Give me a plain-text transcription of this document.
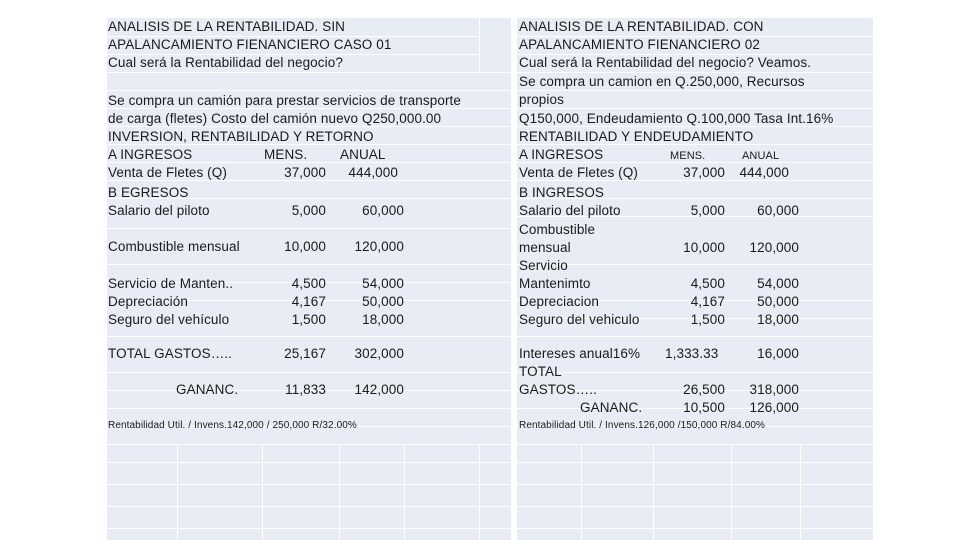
ANALISIS DE LA RENTABILIDAD. SIN
APALANCAMIENTO FIENANCIERO CASO 01
Cual será la Rentabilidad del negocio?
Se compra un camión para prestar servicios de transporte
de carga (fletes) Costo del camión nuevo Q250,000.00
INVERSION, RENTABILIDAD Y RETORNO
A INGRESOS	MENS. ANUAL
Venta de Fletes (Q)	37,000	444,000
B EGRESOS
Salario del piloto	5,000	60,000
Combustible mensual	10,000	120,000
Servicio de Manten..	4,500	54,000
Depreciación	4,167	50,000
Seguro del vehículo	1,500	18,000
TOTAL GASTOS…..	25,167	302,000
GANANC.	11,833	142,000
Rentabilidad Util. / Invens.142,000 / 250,000 R/32.00%
ANALISIS DE LA RENTABILIDAD. CON
APALANCAMIENTO FIENANCIERO 02
Cual será la Rentabilidad del negocio? Veamos.
Se compra un camion en Q.250,000, Recursos
propios
Q150,000, Endeudamiento Q.100,000 Tasa Int.16%
RENTABILIDAD Y ENDEUDAMIENTO
A INGRESOS	MENS.	ANUAL
Venta de Fletes (Q)	37,000	444,000
B INGRESOS
Salario del piloto	5,000	60,000
Combustible
mensual	10,000	120,000
Servicio
Mantenimto	4,500	54,000
Depreciacion	4,167	50,000
Seguro del vehiculo	1,500	18,000
Intereses anual16% 1,333.33	16,000
TOTAL
GASTOS…..	26,500	318,000
GANANC.	10,500	126,000
Rentabilidad Util. / Invens.126,000 /150,000 R/84.00%
